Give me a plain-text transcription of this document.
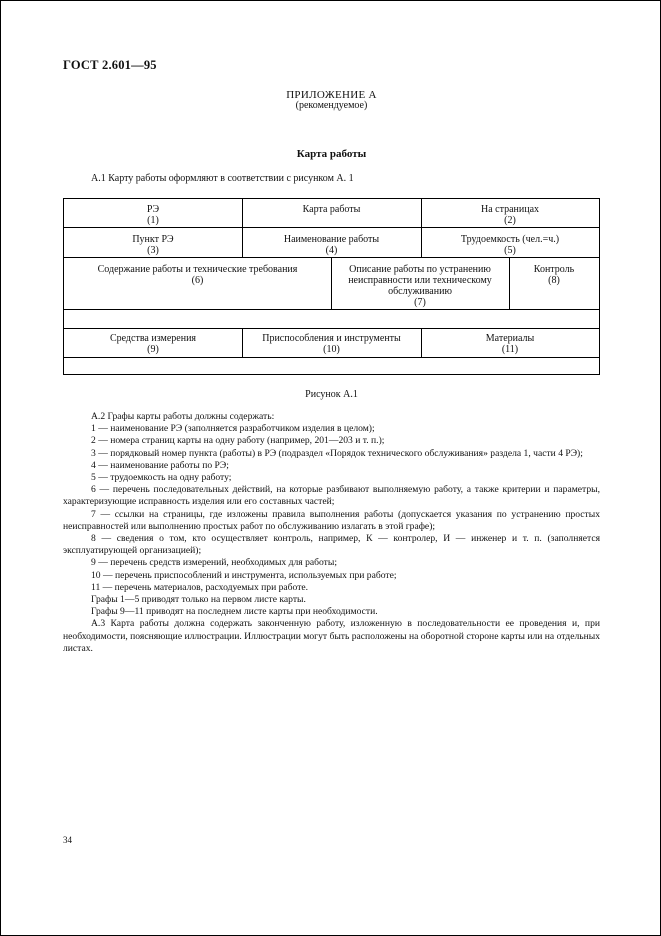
ГОСТ 2.601—95
ПРИЛОЖЕНИЕ А
(рекомендуемое)
Карта работы
А.1 Карту работы оформляют в соответствии с рисунком А. 1
РЭ
(1)
Карта работы	На страницах
(2)
Пункт РЭ
(3)
Наименование работы
(4)
Трудоемкость (чел.=ч.)
(5)
Содержание работы и технические требования
(6)
Описание работы по устранению неисправности или техническому обслуживанию
(7)
Контроль
(8)
Средства измерения
(9)
Приспособления и инструменты
(10)
Материалы
(11)
Рисунок А.1

А.2 Графы карты работы должны содержать:

1 — наименование РЭ (заполняется разработчиком изделия в целом);

2 — номера страниц карты на одну работу (например, 201—203 и т. п.);

3 — порядковый номер пункта (работы) в РЭ (подраздел «Порядок технического обслуживания» раздела 1, части 4 РЭ);

4 — наименование работы по РЭ;

5 — трудоемкость на одну работу;

6 — перечень последовательных действий, на которые разбивают выполняемую работу, а также критерии и параметры, характеризующие исправность изделия или его составных частей;

7 — ссылки на страницы, где изложены правила выполнения работы (допускается указания по устранению простых неисправностей или выполнению простых работ по обслуживанию излагать в этой графе);

8 — сведения о том, кто осуществляет контроль, например, К — контролер, И — инженер и т. п. (заполняется эксплуатирующей организацией);

9 — перечень средств измерений, необходимых для работы;

10 — перечень приспособлений и инструмента, используемых при работе;

11 — перечень материалов, расходуемых при работе.

Графы 1—5 приводят только на первом листе карты.

Графы 9—11 приводят на последнем листе карты при необходимости.

А.3 Карта работы должна содержать законченную работу, изложенную в последовательности ее проведения и, при необходимости, поясняющие иллюстрации. Иллюстрации могут быть расположены на оборотной стороне карты или на отдельных листах.

34
